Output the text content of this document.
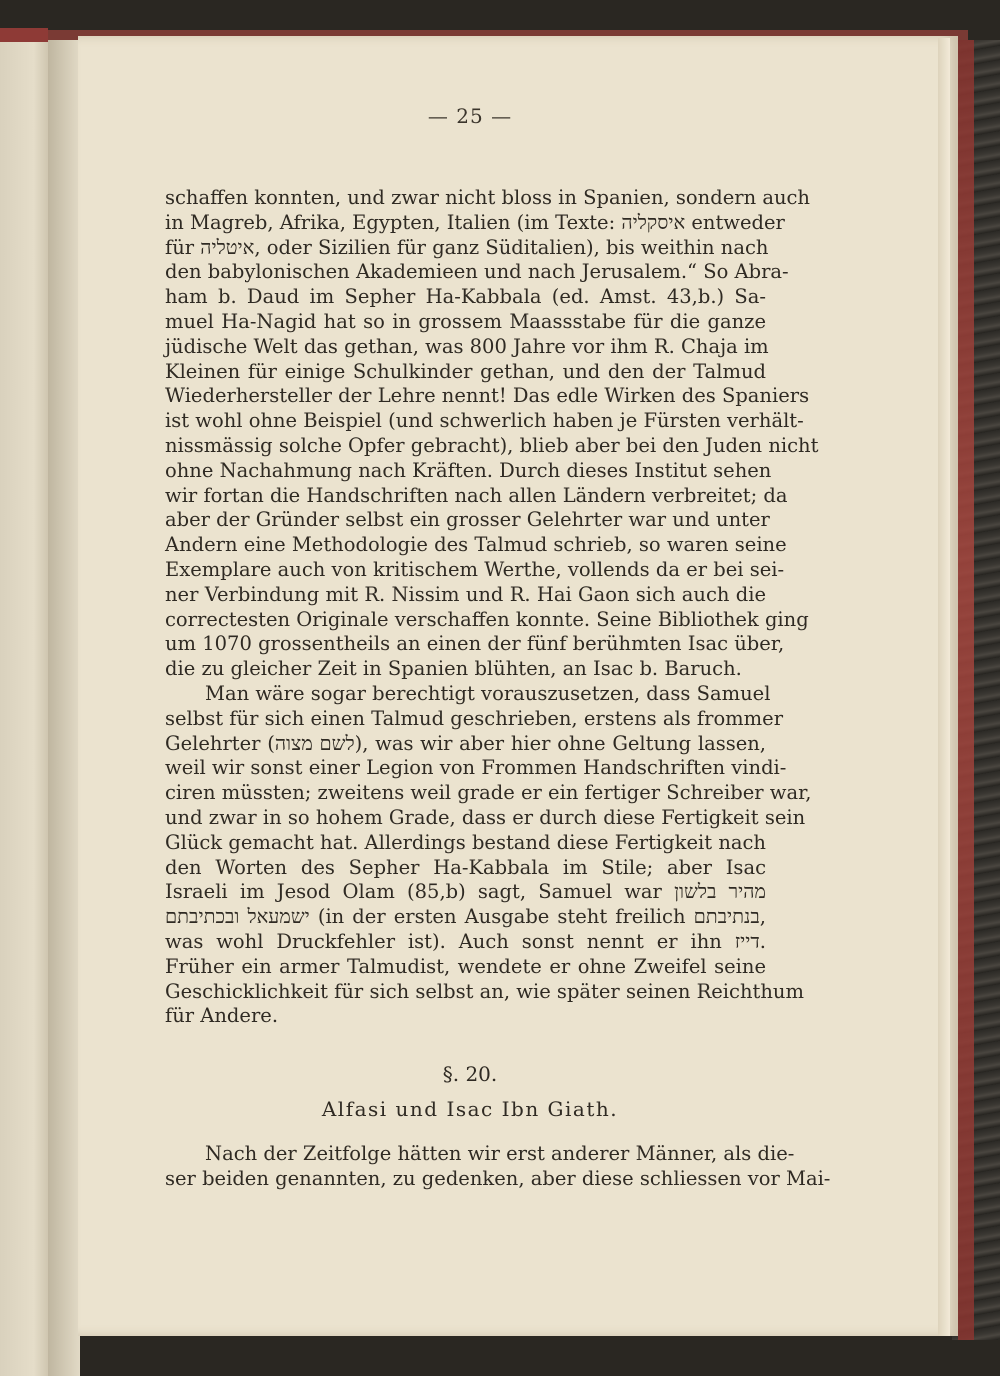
— 25 —
schaffen konnten, und zwar nicht bloss in Spanien, sondern auch
in Magreb, Afrika, Egypten, Italien (im Texte: איסקליה entweder
für איטליה, oder Sizilien für ganz Süditalien), bis weithin nach
den babylonischen Akademieen und nach Jerusalem.“ So Abra-
ham b. Daud im Sepher Ha-Kabbala (ed. Amst. 43,b.) Sa-
muel Ha-Nagid hat so in grossem Maassstabe für die ganze
jüdische Welt das gethan, was 800 Jahre vor ihm R. Chaja im
Kleinen für einige Schulkinder gethan, und den der Talmud
Wiederhersteller der Lehre nennt! Das edle Wirken des Spaniers
ist wohl ohne Beispiel (und schwerlich haben je Fürsten verhält-
nissmässig solche Opfer gebracht), blieb aber bei den Juden nicht
ohne Nachahmung nach Kräften. Durch dieses Institut sehen
wir fortan die Handschriften nach allen Ländern verbreitet; da
aber der Gründer selbst ein grosser Gelehrter war und unter
Andern eine Methodologie des Talmud schrieb, so waren seine
Exemplare auch von kritischem Werthe, vollends da er bei sei-
ner Verbindung mit R. Nissim und R. Hai Gaon sich auch die
correctesten Originale verschaffen konnte. Seine Bibliothek ging
um 1070 grossentheils an einen der fünf berühmten Isac über,
die zu gleicher Zeit in Spanien blühten, an Isac b. Baruch.
Man wäre sogar berechtigt vorauszusetzen, dass Samuel
selbst für sich einen Talmud geschrieben, erstens als frommer
Gelehrter (לשם מצוה), was wir aber hier ohne Geltung lassen,
weil wir sonst einer Legion von Frommen Handschriften vindi-
ciren müssten; zweitens weil grade er ein fertiger Schreiber war,
und zwar in so hohem Grade, dass er durch diese Fertigkeit sein
Glück gemacht hat. Allerdings bestand diese Fertigkeit nach
den Worten des Sepher Ha-Kabbala im Stile; aber Isac
Israeli im Jesod Olam (85,b) sagt, Samuel war מהיר בלשון
ישמעאל ובכתיבתם (in der ersten Ausgabe steht freilich בנתיבתם,
was wohl Druckfehler ist). Auch sonst nennt er ihn דייז.
Früher ein armer Talmudist, wendete er ohne Zweifel seine
Geschicklichkeit für sich selbst an, wie später seinen Reichthum
für Andere.
§. 20.
Alfasi und Isac Ibn Giath.
Nach der Zeitfolge hätten wir erst anderer Männer, als die-
ser beiden genannten, zu gedenken, aber diese schliessen vor Mai-
